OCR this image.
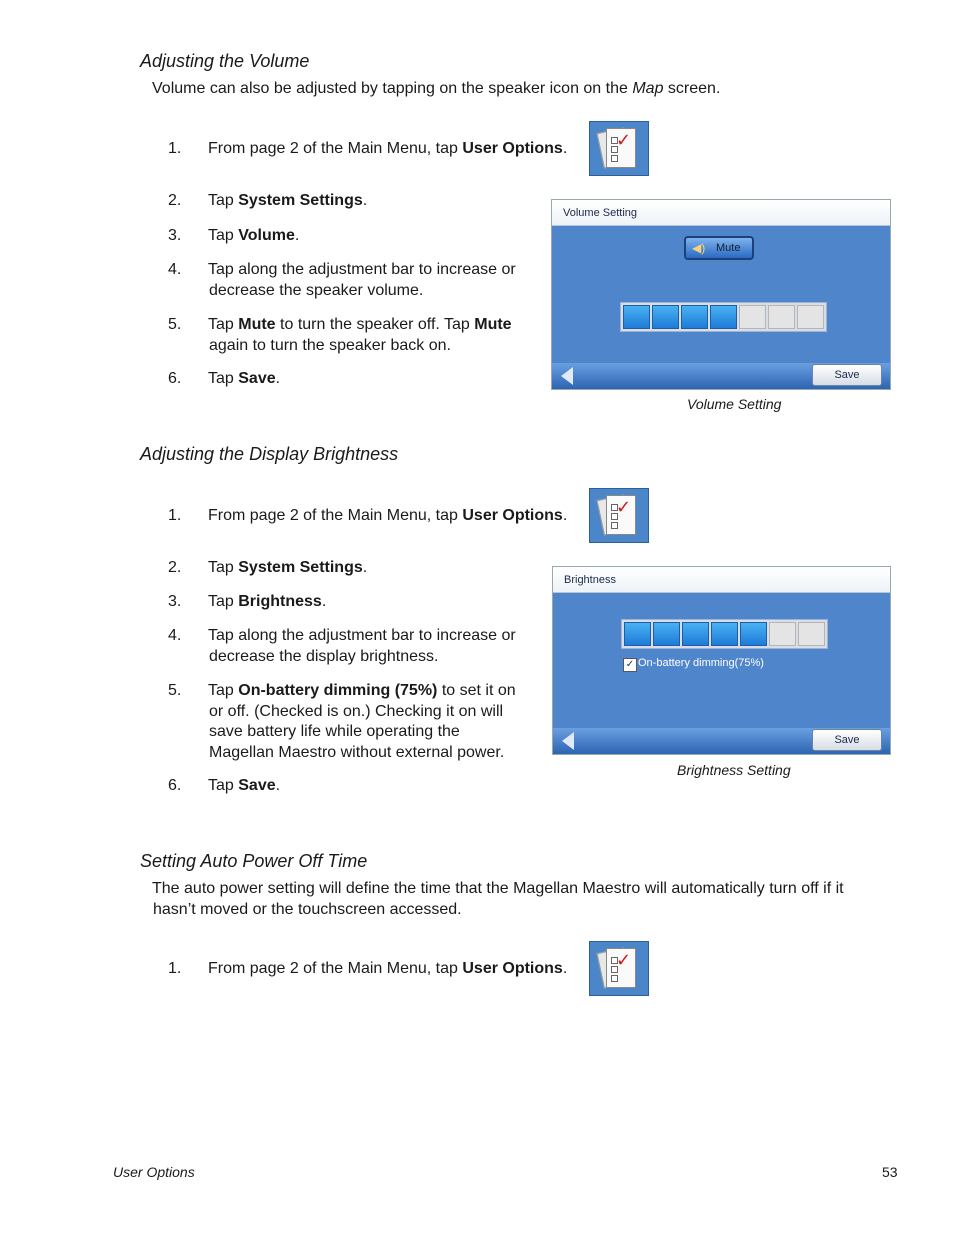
Adjusting the Volume
Volume can also be adjusted by tapping on the speaker icon on the Map screen.
1. From page 2 of the Main Menu, tap User Options.	✓
2. Tap System Settings.
3. Tap Volume.
4. Tap along the adjustment bar to increase or
decrease the speaker volume.
5. Tap Mute to turn the speaker off. Tap Mute
again to turn the speaker back on.
6. Tap Save.
Volume Setting
◀) Mute
Save
Volume Setting
Adjusting the Display Brightness
1. From page 2 of the Main Menu, tap User Options.	✓
2. Tap System Settings.
3. Tap Brightness.
4. Tap along the adjustment bar to increase or
decrease the display brightness.
5. Tap On-battery dimming (75%) to set it on
or off. (Checked is on.) Checking it on will
save battery life while operating the
Magellan Maestro without external power.
6. Tap Save.
Brightness
✓ On-battery dimming(75%)
Save
Brightness Setting
Setting Auto Power Off Time
The auto power setting will define the time that the Magellan Maestro will automatically turn off if it
hasn’t moved or the touchscreen accessed.
1. From page 2 of the Main Menu, tap User Options.	✓
User Options	53
